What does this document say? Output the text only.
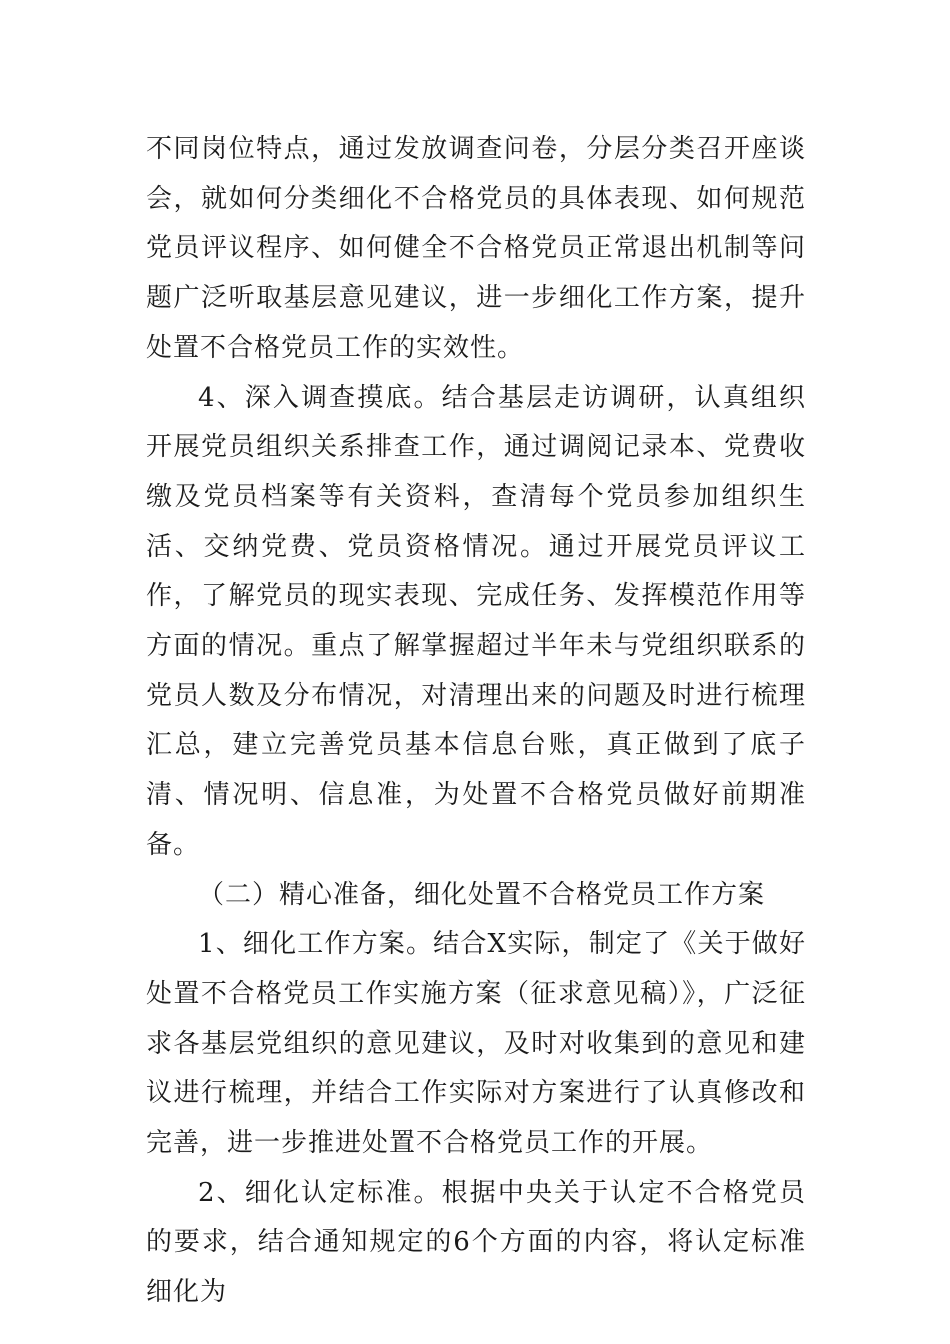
不同岗位特点，通过发放调查问卷，分层分类召开座谈会，就如何分类细化不合格党员的具体表现、如何规范党员评议程序、如何健全不合格党员正常退出机制等问题广泛听取基层意见建议，进一步细化工作方案，提升处置不合格党员工作的实效性。

4、深入调查摸底。结合基层走访调研，认真组织开展党员组织关系排查工作，通过调阅记录本、党费收缴及党员档案等有关资料，查清每个党员参加组织生活、交纳党费、党员资格情况。通过开展党员评议工作，了解党员的现实表现、完成任务、发挥模范作用等方面的情况。重点了解掌握超过半年未与党组织联系的党员人数及分布情况，对清理出来的问题及时进行梳理汇总，建立完善党员基本信息台账，真正做到了底子清、情况明、信息准，为处置不合格党员做好前期准备。

（二）精心准备，细化处置不合格党员工作方案

1、细化工作方案。结合X实际，制定了《关于做好处置不合格党员工作实施方案（征求意见稿）》，广泛征求各基层党组织的意见建议，及时对收集到的意见和建议进行梳理，并结合工作实际对方案进行了认真修改和完善，进一步推进处置不合格党员工作的开展。

2、细化认定标准。根据中央关于认定不合格党员的要求，结合通知规定的6个方面的内容，将认定标准细化为
